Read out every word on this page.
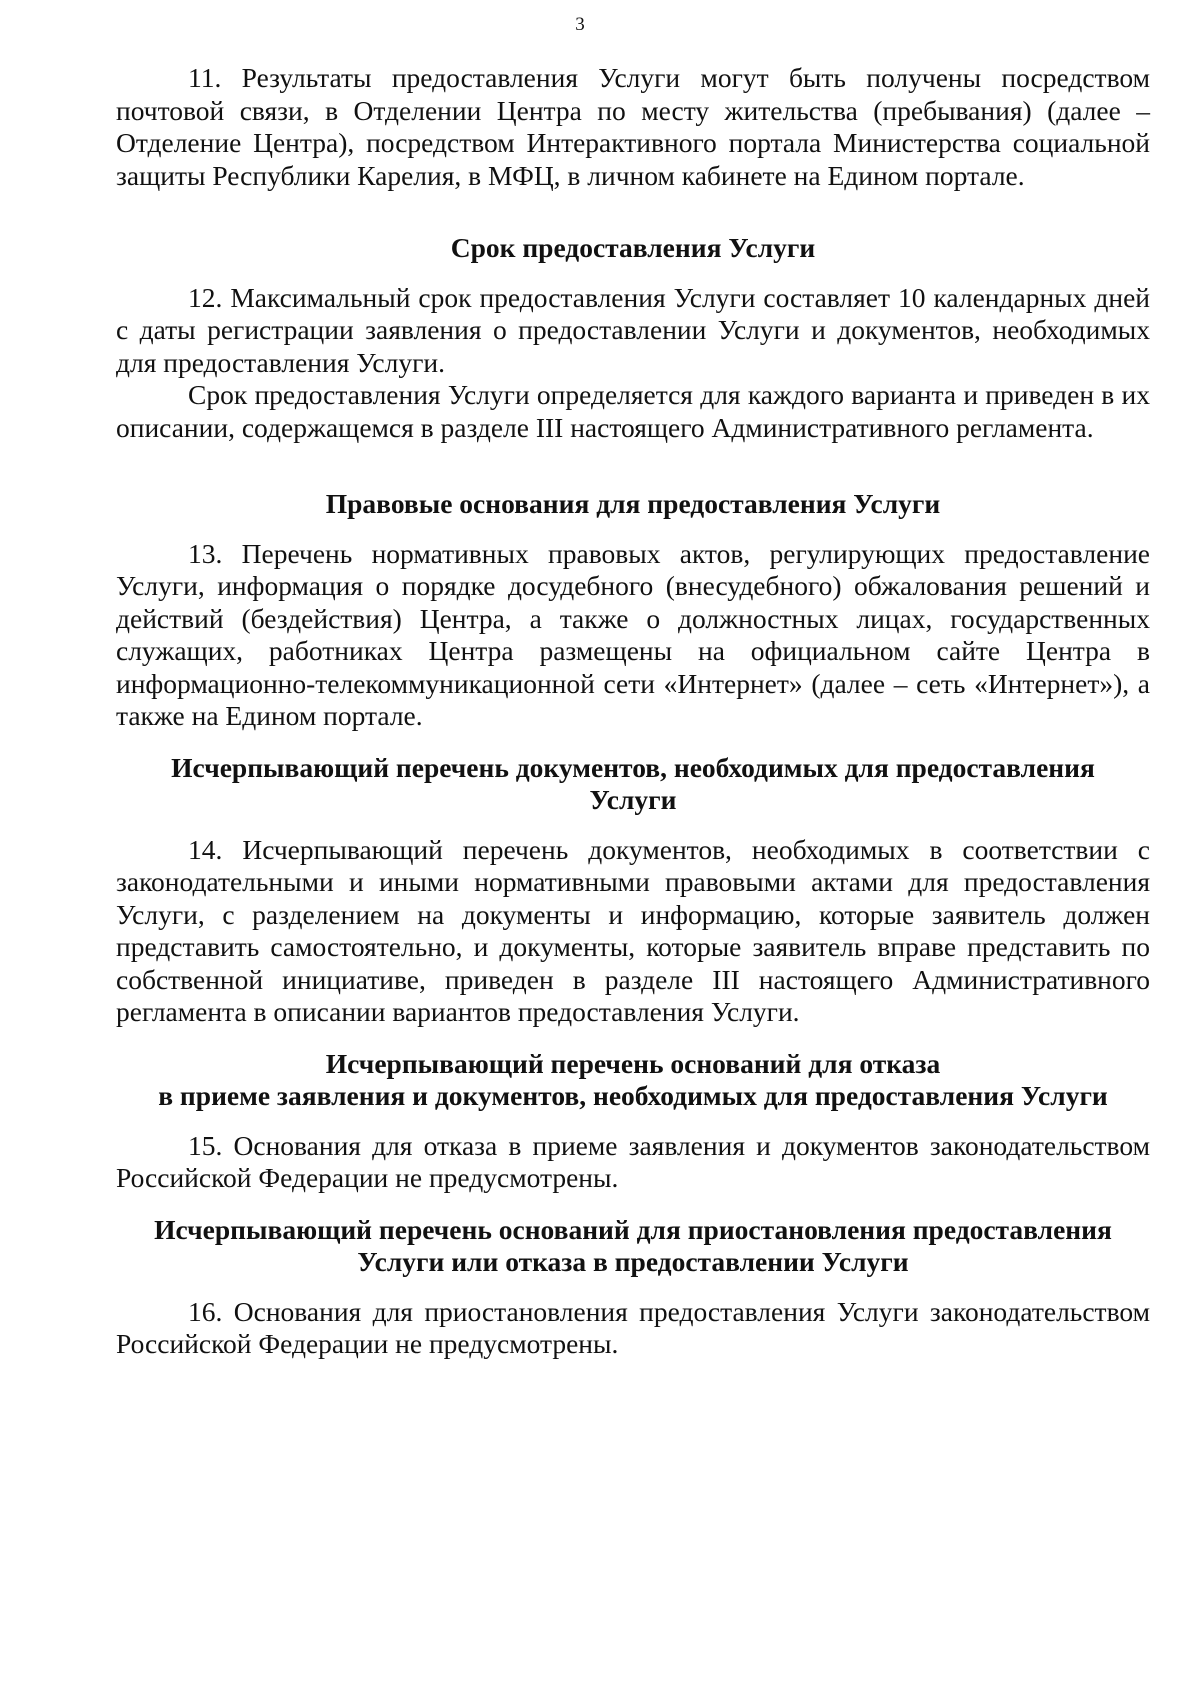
3

11. Результаты предоставления Услуги могут быть получены посредством почтовой связи, в Отделении Центра по месту жительства (пребывания) (далее – Отделение Центра), посредством Интерактивного портала Министерства социальной защиты Республики Карелия, в МФЦ, в личном кабинете на Едином портале.

Срок предоставления Услуги

12. Максимальный срок предоставления Услуги составляет 10 календарных дней с даты регистрации заявления о предоставлении Услуги и документов, необходимых для предоставления Услуги.

Срок предоставления Услуги определяется для каждого варианта и приведен в их описании, содержащемся в разделе III настоящего Административного регламента.

Правовые основания для предоставления Услуги

13. Перечень нормативных правовых актов, регулирующих предоставление Услуги, информация о порядке досудебного (внесудебного) обжалования решений и действий (бездействия) Центра, а также о должностных лицах, государственных служащих, работниках Центра размещены на официальном сайте Центра в информационно-телекоммуникационной сети «Интернет» (далее – сеть «Интернет»), а также на Едином портале.

Исчерпывающий перечень документов, необходимых для предоставления
Услуги

14. Исчерпывающий перечень документов, необходимых в соответствии с законодательными и иными нормативными правовыми актами для предоставления Услуги, с разделением на документы и информацию, которые заявитель должен представить самостоятельно, и документы, которые заявитель вправе представить по собственной инициативе, приведен в разделе III настоящего Административного регламента в описании вариантов предоставления Услуги.

Исчерпывающий перечень оснований для отказа
в приеме заявления и документов, необходимых для предоставления Услуги

15. Основания для отказа в приеме заявления и документов законодательством Российской Федерации не предусмотрены.

Исчерпывающий перечень оснований для приостановления предоставления
Услуги или отказа в предоставлении Услуги

16. Основания для приостановления предоставления Услуги законодательством Российской Федерации не предусмотрены.
